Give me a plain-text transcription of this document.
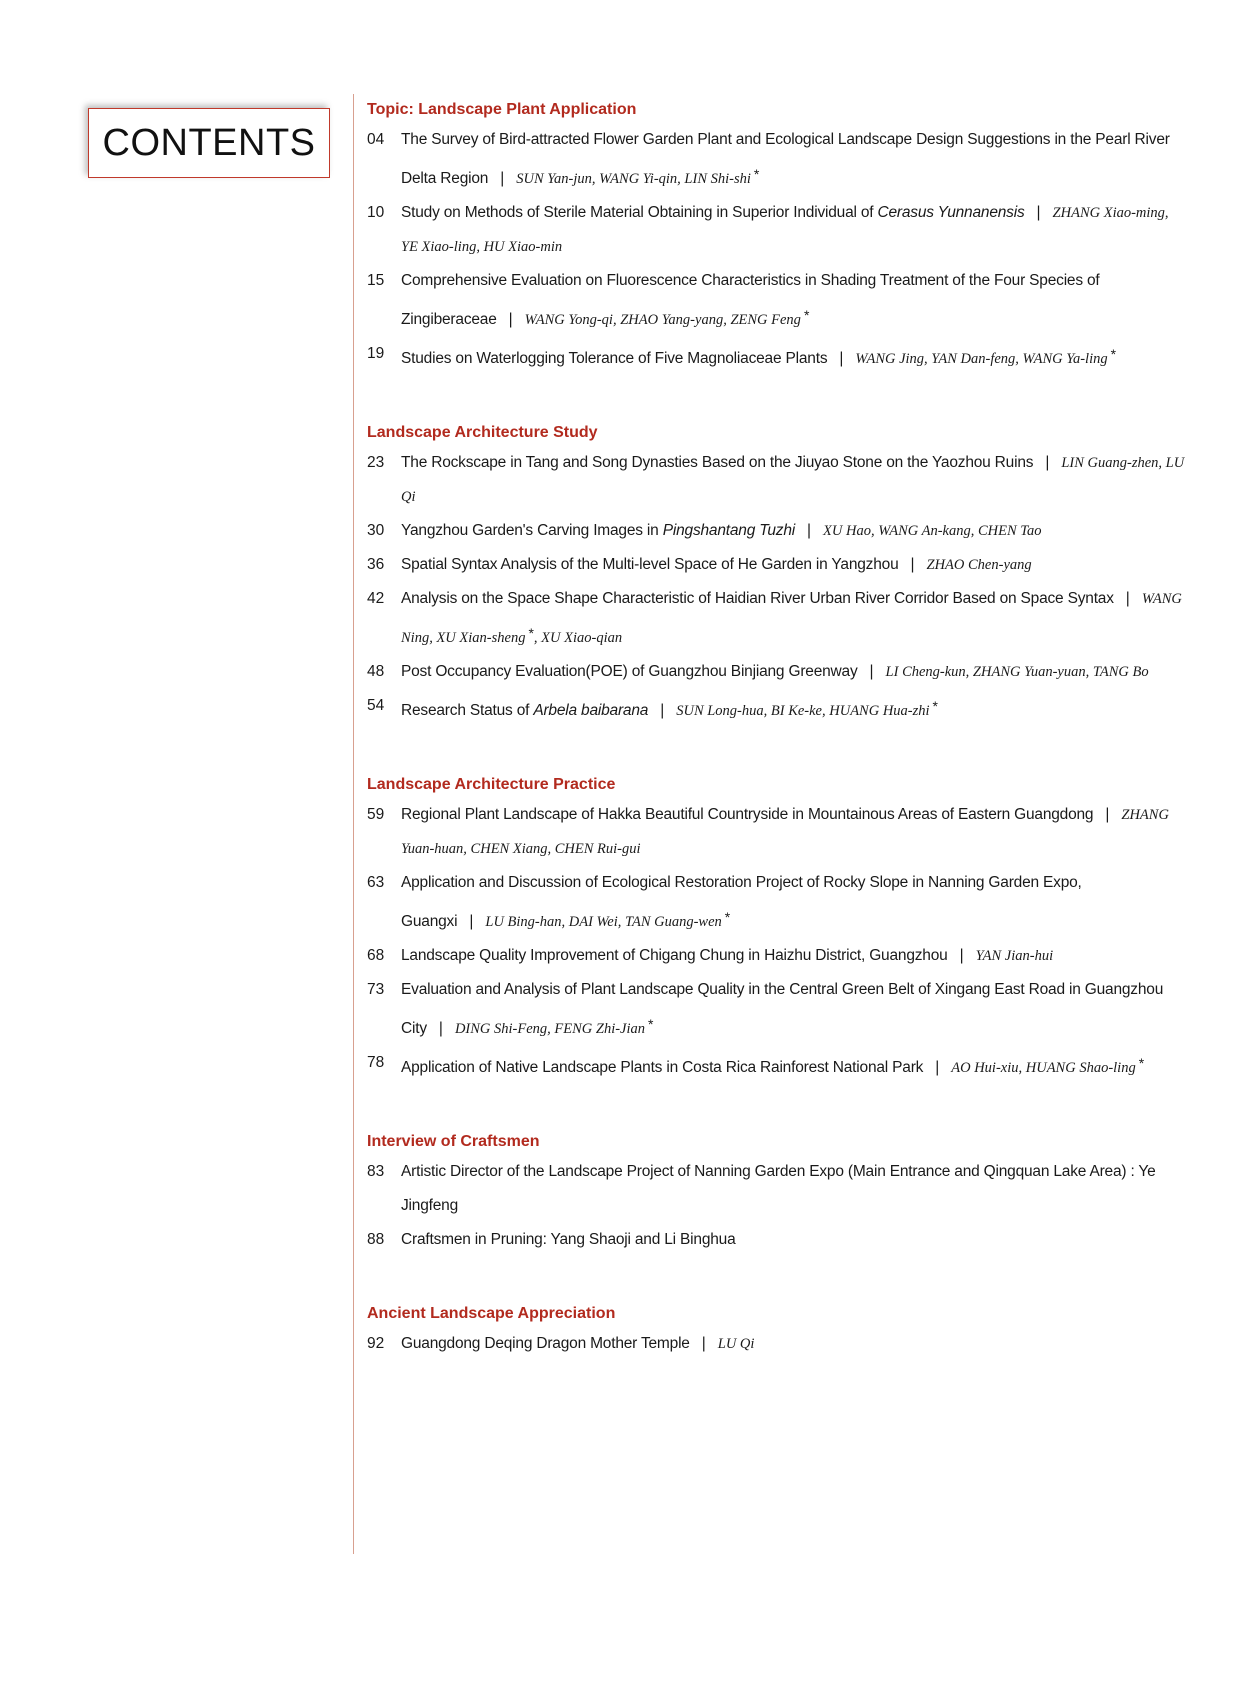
CONTENTS
Topic: Landscape Plant Application
04	The Survey of Bird-attracted Flower Garden Plant and Ecological Landscape Design Suggestions in the Pearl River Delta Region | SUN Yan-jun, WANG Yi-qin, LIN Shi-shi *
10	Study on Methods of Sterile Material Obtaining in Superior Individual of Cerasus Yunnanensis | ZHANG Xiao-ming, YE Xiao-ling, HU Xiao-min
15	Comprehensive Evaluation on Fluorescence Characteristics in Shading Treatment of the Four Species of Zingiberaceae | WANG Yong-qi, ZHAO Yang-yang, ZENG Feng *
19	Studies on Waterlogging Tolerance of Five Magnoliaceae Plants | WANG Jing, YAN Dan-feng, WANG Ya-ling *
Landscape Architecture Study
23	The Rockscape in Tang and Song Dynasties Based on the Jiuyao Stone on the Yaozhou Ruins | LIN Guang-zhen, LU Qi
30	Yangzhou Garden's Carving Images in Pingshantang Tuzhi | XU Hao, WANG An-kang, CHEN Tao
36	Spatial Syntax Analysis of the Multi-level Space of He Garden in Yangzhou | ZHAO Chen-yang
42	Analysis on the Space Shape Characteristic of Haidian River Urban River Corridor Based on Space Syntax | WANG Ning, XU Xian-sheng *, XU Xiao-qian
48	Post Occupancy Evaluation(POE) of Guangzhou Binjiang Greenway | LI Cheng-kun, ZHANG Yuan-yuan, TANG Bo
54	Research Status of Arbela baibarana | SUN Long-hua, BI Ke-ke, HUANG Hua-zhi *
Landscape Architecture Practice
59	Regional Plant Landscape of Hakka Beautiful Countryside in Mountainous Areas of Eastern Guangdong | ZHANG Yuan-huan, CHEN Xiang, CHEN Rui-gui
63	Application and Discussion of Ecological Restoration Project of Rocky Slope in Nanning Garden Expo, Guangxi | LU Bing-han, DAI Wei, TAN Guang-wen *
68	Landscape Quality Improvement of Chigang Chung in Haizhu District, Guangzhou | YAN Jian-hui
73	Evaluation and Analysis of Plant Landscape Quality in the Central Green Belt of Xingang East Road in Guangzhou City | DING Shi-Feng, FENG Zhi-Jian *
78	Application of Native Landscape Plants in Costa Rica Rainforest National Park | AO Hui-xiu, HUANG Shao-ling *
Interview of Craftsmen
83	Artistic Director of the Landscape Project of Nanning Garden Expo (Main Entrance and Qingquan Lake Area) : Ye Jingfeng
88	Craftsmen in Pruning: Yang Shaoji and Li Binghua
Ancient Landscape Appreciation
92	Guangdong Deqing Dragon Mother Temple | LU Qi
